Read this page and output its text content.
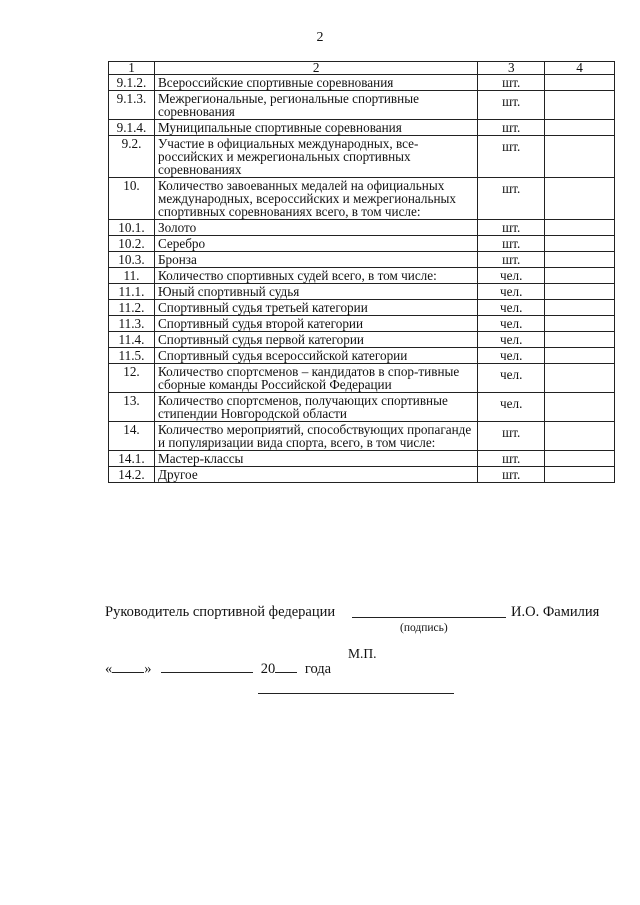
2
1	2	3	4
9.1.2.	Всероссийские спортивные соревнования	шт.	
9.1.3.	Межрегиональные, региональные спортивные соревнования	шт.	
9.1.4.	Муниципальные спортивные соревнования	шт.	
9.2.	Участие в официальных международных, все-российских и межрегиональных спортивных соревнованиях	шт.	
10.	Количество завоеванных медалей на официальных международных, всероссийских и межрегиональных спортивных соревнованиях всего, в том числе:	шт.	
10.1.	Золото	шт.	
10.2.	Серебро	шт.	
10.3.	Бронза	шт.	
11.	Количество спортивных судей всего, в том числе:	чел.	
11.1.	Юный спортивный судья	чел.	
11.2.	Спортивный судья третьей категории	чел.	
11.3.	Спортивный судья второй категории	чел.	
11.4.	Спортивный судья первой категории	чел.	
11.5.	Спортивный судья всероссийской категории	чел.	
12.	Количество спортсменов – кандидатов в спор-тивные сборные команды Российской Федерации	чел.	
13.	Количество спортсменов, получающих спортивные стипендии Новгородской области	чел.	
14.	Количество мероприятий, способствующих пропаганде и популяризации вида спорта, всего, в том числе:	шт.	
14.1.	Мастер-классы	шт.	
14.2.	Другое	шт.	
Руководитель спортивной федерации	И.О. Фамилия
(подпись)
М.П.
« »	20 года
